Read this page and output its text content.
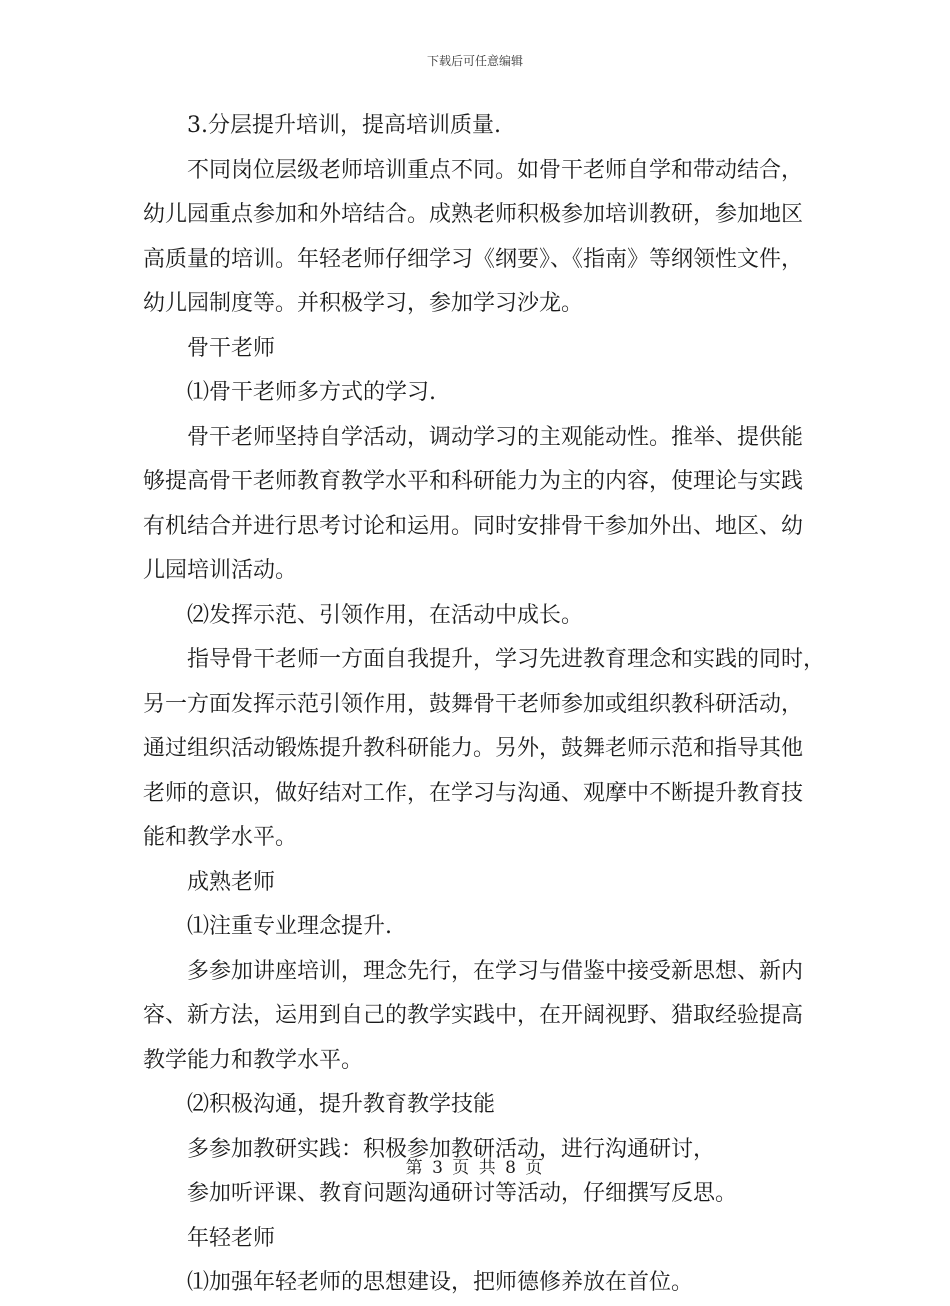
下载后可任意编辑
3.分层提升培训，提高培训质量.
不同岗位层级老师培训重点不同。如骨干老师自学和带动结合，
幼儿园重点参加和外培结合。成熟老师积极参加培训教研，参加地区
高质量的培训。年轻老师仔细学习《纲要》、《指南》等纲领性文件，
幼儿园制度等。并积极学习，参加学习沙龙。
骨干老师
⑴骨干老师多方式的学习.
骨干老师坚持自学活动，调动学习的主观能动性。推举、提供能
够提高骨干老师教育教学水平和科研能力为主的内容，使理论与实践
有机结合并进行思考讨论和运用。同时安排骨干参加外出、地区、幼
儿园培训活动。
⑵发挥示范、引领作用，在活动中成长。
指导骨干老师一方面自我提升，学习先进教育理念和实践的同时，
另一方面发挥示范引领作用，鼓舞骨干老师参加或组织教科研活动，
通过组织活动锻炼提升教科研能力。另外，鼓舞老师示范和指导其他
老师的意识，做好结对工作，在学习与沟通、观摩中不断提升教育技
能和教学水平。
成熟老师
⑴注重专业理念提升.
多参加讲座培训，理念先行，在学习与借鉴中接受新思想、新内
容、新方法，运用到自己的教学实践中，在开阔视野、猎取经验提高
教学能力和教学水平。
⑵积极沟通，提升教育教学技能
多参加教研实践：积极参加教研活动，进行沟通研讨，
参加听评课、教育问题沟通研讨等活动，仔细撰写反思。
年轻老师
⑴加强年轻老师的思想建设，把师德修养放在首位。
第 3 页 共 8 页
